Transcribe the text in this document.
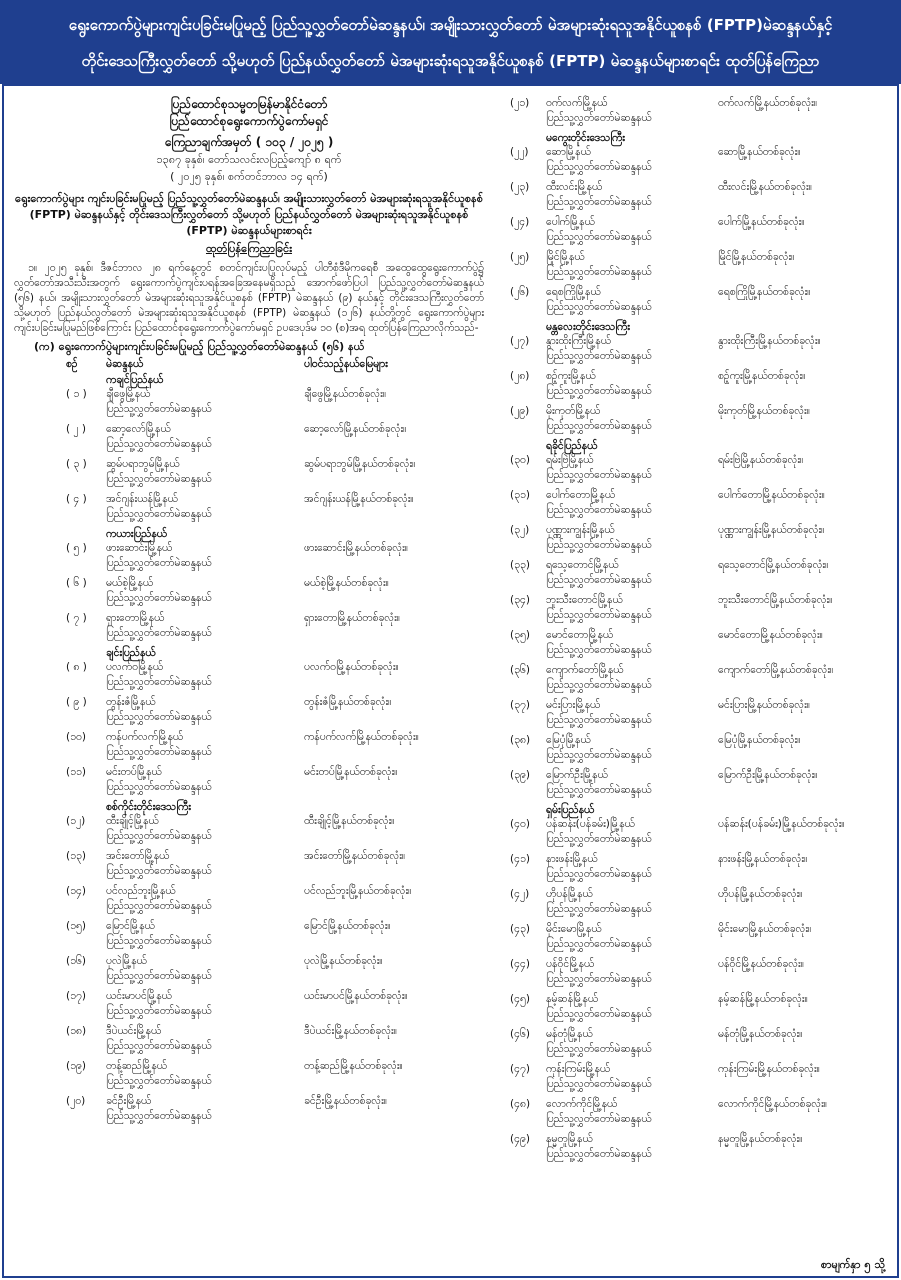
ရွေးကောက်ပွဲများကျင်းပခြင်းမပြုမည့် ပြည်သူ့လွှတ်တော်မဲဆန္ဒနယ်၊ အမျိုးသားလွှတ်တော် မဲအများဆုံးရသူအနိုင်ယူစနစ် (FPTP)မဲဆန္ဒနယ်နှင့်
တိုင်းဒေသကြီးလွှတ်တော် သို့မဟုတ် ပြည်နယ်လွှတ်တော် မဲအများဆုံးရသူအနိုင်ယူစနစ် (FPTP) မဲဆန္ဒနယ်များစာရင်း ထုတ်ပြန်ကြေညာ
ပြည်ထောင်စုသမ္မတမြန်မာနိုင်ငံတော်
ပြည်ထောင်စုရွေးကောက်ပွဲကော်မရှင်
ကြေညာချက်အမှတ် ( ၁၀၃ / ၂၀၂၅ )
၁၃၈၇ ခုနှစ်၊ တော်သလင်းလပြည့်ကျော် ၈ ရက်
( ၂၀၂၅ ခုနှစ်၊ စက်တင်ဘာလ ၁၄ ရက်)
ရွေးကောက်ပွဲများ ကျင်းပခြင်းမပြုမည့် ပြည်သူ့လွှတ်တော်မဲဆန္ဒနယ်၊ အမျိုးသားလွှတ်တော် မဲအများဆုံးရသူအနိုင်ယူစနစ် (FPTP) မဲဆန္ဒနယ်နှင့် တိုင်းဒေသကြီးလွှတ်တော် သို့မဟုတ် ပြည်နယ်လွှတ်တော် မဲအများဆုံးရသူအနိုင်ယူစနစ် (FPTP) မဲဆန္ဒနယ်များစာရင်း
ထုတ်ပြန်ကြေညာခြင်း
၁။ ၂၀၂၅ ခုနှစ်၊ ဒီဇင်ဘာလ ၂၈ ရက်နေ့တွင် စတင်ကျင်းပပြုလုပ်မည့် ပါတီစုံဒီမိုကရေစီ အထွေထွေရွေးကောက်ပွဲ၌ လွှတ်တော်အသီးသီးအတွက် ရွေးကောက်ပွဲကျင်းပရန်အခြေအနေမရှိသည့် အောက်ဖော်ပြပါ ပြည်သူ့လွှတ်တော်မဲဆန္ဒနယ် (၅၆) နယ်၊ အမျိုးသားလွှတ်တော် မဲအများဆုံးရသူအနိုင်ယူစနစ် (FPTP) မဲဆန္ဒနယ် (၉) နယ်နှင့် တိုင်းဒေသကြီးလွှတ်တော် သို့မဟုတ် ပြည်နယ်လွှတ်တော် မဲအများဆုံးရသူအနိုင်ယူစနစ် (FPTP) မဲဆန္ဒနယ် (၁၂၆) နယ်တို့တွင် ရွေးကောက်ပွဲများ ကျင်းပခြင်းမပြုမည်ဖြစ်ကြောင်း ပြည်ထောင်စုရွေးကောက်ပွဲကော်မရှင် ဥပဒေပုဒ်မ ၁၀ (စ)အရ ထုတ်ပြန်ကြေညာလိုက်သည်-
(က) ရွေးကောက်ပွဲများကျင်းပခြင်းမပြုမည့် ပြည်သူ့လွှတ်တော်မဲဆန္ဒနယ် (၅၆) နယ်
စဉ်	မဲဆန္ဒနယ်	ပါဝင်သည့်နယ်မြေများ
ကချင်ပြည်နယ်
( ၁ )	ချီဖွေမြို့နယ်
ပြည်သူ့လွှတ်တော်မဲဆန္ဒနယ်
ချီဖွေမြို့နယ်တစ်ခုလုံး။
( ၂ )	ဆော့လော်မြို့နယ်
ပြည်သူ့လွှတ်တော်မဲဆန္ဒနယ်
ဆော့လော်မြို့နယ်တစ်ခုလုံး။
( ၃ )	ဆွမ်ပရာဘွမ်မြို့နယ်
ပြည်သူ့လွှတ်တော်မဲဆန္ဒနယ်
ဆွမ်ပရာဘွမ်မြို့နယ်တစ်ခုလုံး။
( ၄ )	အင်ဂျန်းယန်မြို့နယ်
ပြည်သူ့လွှတ်တော်မဲဆန္ဒနယ်
အင်ဂျန်းယန်မြို့နယ်တစ်ခုလုံး။
ကယားပြည်နယ်
( ၅ )	ဖားဆောင်းမြို့နယ်
ပြည်သူ့လွှတ်တော်မဲဆန္ဒနယ်
ဖားဆောင်းမြို့နယ်တစ်ခုလုံး။
( ၆ )	မယ်စဲ့မြို့နယ်
ပြည်သူ့လွှတ်တော်မဲဆန္ဒနယ်
မယ်စဲ့မြို့နယ်တစ်ခုလုံး။
( ၇ )	ရှားတောမြို့နယ်
ပြည်သူ့လွှတ်တော်မဲဆန္ဒနယ်
ရှားတောမြို့နယ်တစ်ခုလုံး။
ချင်းပြည်နယ်
( ၈ )	ပလက်ဝမြို့နယ်
ပြည်သူ့လွှတ်တော်မဲဆန္ဒနယ်
ပလက်ဝမြို့နယ်တစ်ခုလုံး။
( ၉ )	တွန်းဇံမြို့နယ်
ပြည်သူ့လွှတ်တော်မဲဆန္ဒနယ်
တွန်းဇံမြို့နယ်တစ်ခုလုံး။
(၁၀)	ကန်ပက်လက်မြို့နယ်
ပြည်သူ့လွှတ်တော်မဲဆန္ဒနယ်
ကန်ပက်လက်မြို့နယ်တစ်ခုလုံး။
(၁၁)	မင်းတပ်မြို့နယ်
ပြည်သူ့လွှတ်တော်မဲဆန္ဒနယ်
မင်းတပ်မြို့နယ်တစ်ခုလုံး။
စစ်ကိုင်းတိုင်းဒေသကြီး
(၁၂)	ထီးချိုင့်မြို့နယ်
ပြည်သူ့လွှတ်တော်မဲဆန္ဒနယ်
ထီးချိုင့်မြို့နယ်တစ်ခုလုံး။
(၁၃)	အင်းတော်မြို့နယ်
ပြည်သူ့လွှတ်တော်မဲဆန္ဒနယ်
အင်းတော်မြို့နယ်တစ်ခုလုံး။
(၁၄)	ပင်လည်ဘူးမြို့နယ်
ပြည်သူ့လွှတ်တော်မဲဆန္ဒနယ်
ပင်လည်ဘူးမြို့နယ်တစ်ခုလုံး။
(၁၅)	မြောင်မြို့နယ်
ပြည်သူ့လွှတ်တော်မဲဆန္ဒနယ်
မြောင်မြို့နယ်တစ်ခုလုံး။
(၁၆)	ပုလဲမြို့နယ်
ပြည်သူ့လွှတ်တော်မဲဆန္ဒနယ်
ပုလဲမြို့နယ်တစ်ခုလုံး။
(၁၇)	ယင်းမာပင်မြို့နယ်
ပြည်သူ့လွှတ်တော်မဲဆန္ဒနယ်
ယင်းမာပင်မြို့နယ်တစ်ခုလုံး။
(၁၈)	ဒီပဲယင်းမြို့နယ်
ပြည်သူ့လွှတ်တော်မဲဆန္ဒနယ်
ဒီပဲယင်းမြို့နယ်တစ်ခုလုံး။
(၁၉)	တန့်ဆည်မြို့နယ်
ပြည်သူ့လွှတ်တော်မဲဆန္ဒနယ်
တန့်ဆည်မြို့နယ်တစ်ခုလုံး။
(၂၀)	ခင်ဦးမြို့နယ်
ပြည်သူ့လွှတ်တော်မဲဆန္ဒနယ်
ခင်ဦးမြို့နယ်တစ်ခုလုံး။
(၂၁)	ဝက်လက်မြို့နယ်
ပြည်သူ့လွှတ်တော်မဲဆန္ဒနယ်
ဝက်လက်မြို့နယ်တစ်ခုလုံး။
မကွေးတိုင်းဒေသကြီး
(၂၂)	ဆောမြို့နယ်
ပြည်သူ့လွှတ်တော်မဲဆန္ဒနယ်
ဆောမြို့နယ်တစ်ခုလုံး။
(၂၃)	ထီးလင်းမြို့နယ်
ပြည်သူ့လွှတ်တော်မဲဆန္ဒနယ်
ထီးလင်းမြို့နယ်တစ်ခုလုံး။
(၂၄)	ပေါက်မြို့နယ်
ပြည်သူ့လွှတ်တော်မဲဆန္ဒနယ်
ပေါက်မြို့နယ်တစ်ခုလုံး။
(၂၅)	မြိုင်မြို့နယ်
ပြည်သူ့လွှတ်တော်မဲဆန္ဒနယ်
မြိုင်မြို့နယ်တစ်ခုလုံး။
(၂၆)	ရေစကြိုမြို့နယ်
ပြည်သူ့လွှတ်တော်မဲဆန္ဒနယ်
ရေစကြိုမြို့နယ်တစ်ခုလုံး။
မန္တလေးတိုင်းဒေသကြီး
(၂၇)	နွားထိုးကြီးမြို့နယ်
ပြည်သူ့လွှတ်တော်မဲဆန္ဒနယ်
နွားထိုးကြီးမြို့နယ်တစ်ခုလုံး။
(၂၈)	စဉ့်ကူးမြို့နယ်
ပြည်သူ့လွှတ်တော်မဲဆန္ဒနယ်
စဉ့်ကူးမြို့နယ်တစ်ခုလုံး။
(၂၉)	မိုးကုတ်မြို့နယ်
ပြည်သူ့လွှတ်တော်မဲဆန္ဒနယ်
မိုးကုတ်မြို့နယ်တစ်ခုလုံး။
ရခိုင်ပြည်နယ်
(၃၀)	ရမ်းဗြဲမြို့နယ်
ပြည်သူ့လွှတ်တော်မဲဆန္ဒနယ်
ရမ်းဗြဲမြို့နယ်တစ်ခုလုံး။
(၃၁)	ပေါက်တောမြို့နယ်
ပြည်သူ့လွှတ်တော်မဲဆန္ဒနယ်
ပေါက်တောမြို့နယ်တစ်ခုလုံး။
(၃၂)	ပုဏ္ဏားကျွန်းမြို့နယ်
ပြည်သူ့လွှတ်တော်မဲဆန္ဒနယ်
ပုဏ္ဏားကျွန်းမြို့နယ်တစ်ခုလုံး။
(၃၃)	ရသေ့တောင်မြို့နယ်
ပြည်သူ့လွှတ်တော်မဲဆန္ဒနယ်
ရသေ့တောင်မြို့နယ်တစ်ခုလုံး။
(၃၄)	ဘူးသီးတောင်မြို့နယ်
ပြည်သူ့လွှတ်တော်မဲဆန္ဒနယ်
ဘူးသီးတောင်မြို့နယ်တစ်ခုလုံး။
(၃၅)	မောင်တောမြို့နယ်
ပြည်သူ့လွှတ်တော်မဲဆန္ဒနယ်
မောင်တောမြို့နယ်တစ်ခုလုံး။
(၃၆)	ကျောက်တော်မြို့နယ်
ပြည်သူ့လွှတ်တော်မဲဆန္ဒနယ်
ကျောက်တော်မြို့နယ်တစ်ခုလုံး။
(၃၇)	မင်းပြားမြို့နယ်
ပြည်သူ့လွှတ်တော်မဲဆန္ဒနယ်
မင်းပြားမြို့နယ်တစ်ခုလုံး။
(၃၈)	မြေပုံမြို့နယ်
ပြည်သူ့လွှတ်တော်မဲဆန္ဒနယ်
မြေပုံမြို့နယ်တစ်ခုလုံး။
(၃၉)	မြောက်ဦးမြို့နယ်
ပြည်သူ့လွှတ်တော်မဲဆန္ဒနယ်
မြောက်ဦးမြို့နယ်တစ်ခုလုံး။
ရှမ်းပြည်နယ်
(၄၀)	ပန်ဆန်း(ပန်ခမ်း)မြို့နယ်
ပြည်သူ့လွှတ်တော်မဲဆန္ဒနယ်
ပန်ဆန်း(ပန်ခမ်း)မြို့နယ်တစ်ခုလုံး။
(၄၁)	နားဖန်းမြို့နယ်
ပြည်သူ့လွှတ်တော်မဲဆန္ဒနယ်
နားဖန်းမြို့နယ်တစ်ခုလုံး။
(၄၂)	ဟိုပန်မြို့နယ်
ပြည်သူ့လွှတ်တော်မဲဆန္ဒနယ်
ဟိုပန်မြို့နယ်တစ်ခုလုံး။
(၄၃)	မိုင်းမောမြို့နယ်
ပြည်သူ့လွှတ်တော်မဲဆန္ဒနယ်
မိုင်းမောမြို့နယ်တစ်ခုလုံး။
(၄၄)	ပန်ဝိုင်မြို့နယ်
ပြည်သူ့လွှတ်တော်မဲဆန္ဒနယ်
ပန်ဝိုင်မြို့နယ်တစ်ခုလုံး။
(၄၅)	နမ့်ဆန်မြို့နယ်
ပြည်သူ့လွှတ်တော်မဲဆန္ဒနယ်
နမ့်ဆန်မြို့နယ်တစ်ခုလုံး။
(၄၆)	မန်တုံမြို့နယ်
ပြည်သူ့လွှတ်တော်မဲဆန္ဒနယ်
မန်တုံမြို့နယ်တစ်ခုလုံး။
(၄၇)	ကုန်းကြမ်းမြို့နယ်
ပြည်သူ့လွှတ်တော်မဲဆန္ဒနယ်
ကုန်းကြမ်းမြို့နယ်တစ်ခုလုံး။
(၄၈)	လောက်ကိုင်မြို့နယ်
ပြည်သူ့လွှတ်တော်မဲဆန္ဒနယ်
လောက်ကိုင်မြို့နယ်တစ်ခုလုံး။
(၄၉)	နမ္မတူမြို့နယ်
ပြည်သူ့လွှတ်တော်မဲဆန္ဒနယ်
နမ္မတူမြို့နယ်တစ်ခုလုံး။
စာမျက်နှာ ၅ သို့
